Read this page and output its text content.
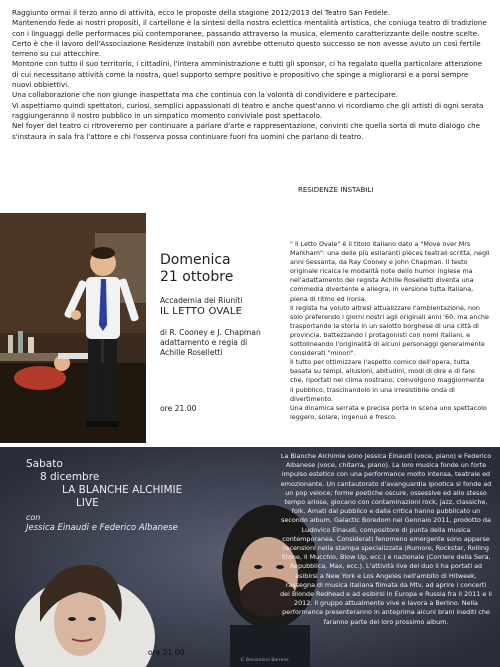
Raggiunto ormai il terzo anno di attività, ecco le proposte della stagione 2012/2013 del Teatro San Fedele.

Mantenendo fede ai nostri propositi, il cartellone è la sintesi della nostra eclettica mentalità artistica, che coniuga teatro di tradizione con i linguaggi delle performaces più contemporanee, passando attraverso la musica, elemento caratterizzante delle nostre scelte.

Certo è che il lavoro dell'Associazione Residenze Instabili non avrebbe ottenuto questo successo se non avesse avuto un così fertile terreno su cui attecchire.

Montone con tutto il suo territorio, i cittadini, l'intera amministrazione e tutti gli sponsor, ci ha regalato quella particolare attenzione di cui necessitano attività come la nostra, quel supporto sempre positivo e propositivo che spinge a migliorarsi e a porsi sempre nuovi obbiettivi.

Una collaborazione che non giunge inaspettata ma che continua con la volontà di condividere e partecipare.

Vi aspettiamo quindi spettatori, curiosi, semplici appassionati di teatro e anche quest'anno vi ricordiamo che gli artisti di ogni serata raggiungeranno il nostro pubblico in un simpatico momento conviviale post spettacolo.

Nel foyer del teatro ci ritroveremo per continuare a parlare d'arte e rappresentazione, convinti che quella sorta di muto dialogo che s'instaura in sala fra l'attore e chi l'osserva possa continuare fuori fra uomini che parlano di teatro.

RESIDENZE INSTABILI
Domenica
21 ottobre
Accademia dei Riuniti
IL LETTO OVALE
di R. Cooney e J. Chapman
adattamento e regia di
Achille Roselletti
ore 21.00

" Il Letto Ovale" è il titolo italiano dato a "Move over Mrs Markham": una delle più esilaranti pièces teatrali scritta, negli anni Sessanta, da Ray Cooney e John Chapman. Il testo originale ricalca le modalità note dello humor inglese ma nel'adattamento del regista Achille Roselletti diventa una commedia divertente e allegra, in versione tutta italiana, piena di ritmo ed ironia.

Il regista ha voluto altresì attualizzare l'ambientazione, non solo preferendo i giorni nostri agli originali anni '60, ma anche trasportando la storia in un salotto borghese di una città di provincia, battezzando i protagonisti con nomi italiani, e sottolineando l'originalità di alcuni personaggi generalmente considerati "minori".

Il tutto per ottimizzare l'aspetto comico dell'opera, tutta basata su tempi, allusioni, abitudini, modi di dire e di fare che, riportati nel clima nostrano, coinvolgono maggiormente il pubblico, trascinandolo in una irresistibile onda di divertimento.

Una dinamica serrata e precisa porta in scena uno spettacolo leggero, solare, ingenuo e fresco.

Sabato
8 dicembre
LA BLANCHE ALCHIMIE
LIVE
con
Jessica Einaudi e Federico Albanese
ore 21.00
© Beniamino Barrese
La Blanche Alchimie sono Jessica Einaudi (voce, piano) e Federico Albanese (voce, chitarra, piano). La loro musica fonde un forte impulso estetico con una performance molto intensa, teatrale ed emozionante. Un cantautorato d'avanguardia ipnotica si fonde ad un pop veloce; forme poetiche oscure, ossessive ed allo stesso tempo ariose, giocano con contaminazioni rock, jazz, classiche, folk. Amati dal pubblico e dalla critica hanno pubblicato un secondo album, Galactic Boredom nel Gennaio 2011, prodotto da Ludovico Einaudi, compositore di punta della musica contemporanea. Considerati fenomeno emergente sono apparse recensioni nella stampa specializzata (Rumore, Rockstar, Rolling Stone, Il Mucchio, Blow Up, ecc.) e nazionale (Corriere della Sera, Repubblica, Max, ecc.). L'attività live del duo li ha portati ad esibirsi a New York e Los Angeles nell'ambito di Hitweek, rassegna di musica italiana filmata da Mtv, ad aprire i concerti dei Blonde Redhead e ad esibirsi in Europa e Russia fra il 2011 e il 2012. Il gruppo attualmente vive e lavora a Berlino. Nella performance presenteranno in anteprima alcuni brani inediti che faranno parte del loro prossimo album.
